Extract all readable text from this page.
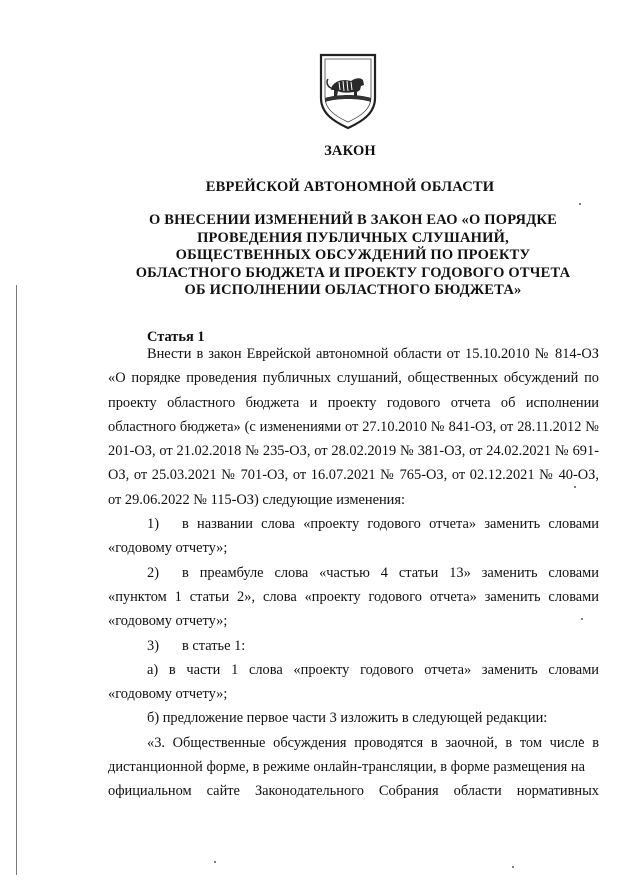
ЗАКОН
ЕВРЕЙСКОЙ АВТОНОМНОЙ ОБЛАСТИ
О ВНЕСЕНИИ ИЗМЕНЕНИЙ В ЗАКОН ЕАО «О ПОРЯДКЕ ПРОВЕДЕНИЯ ПУБЛИЧНЫХ СЛУШАНИЙ, ОБЩЕСТВЕННЫХ ОБСУЖДЕНИЙ ПО ПРОЕКТУ ОБЛАСТНОГО БЮДЖЕТА И ПРОЕКТУ ГОДОВОГО ОТЧЕТА ОБ ИСПОЛНЕНИИ ОБЛАСТНОГО БЮДЖЕТА»
Статья 1

Внести в закон Еврейской автономной области от 15.10.2010 № 814-ОЗ «О порядке проведения публичных слушаний, общественных обсуждений по проекту областного бюджета и проекту годового отчета об исполнении областного бюджета» (с изменениями от 27.10.2010 № 841-ОЗ, от 28.11.2012 № 201-ОЗ, от 21.02.2018 № 235-ОЗ, от 28.02.2019 № 381-ОЗ, от 24.02.2021 № 691-ОЗ, от 25.03.2021 № 701-ОЗ, от 16.07.2021 № 765-ОЗ, от 02.12.2021 № 40-ОЗ, от 29.06.2022 № 115-ОЗ) следующие изменения:

1)	в названии слова «проекту годового отчета» заменить словами

«годовому отчету»;

2)	в преамбуле слова «частью 4 статьи 13» заменить словами

«пунктом 1 статьи 2», слова «проекту годового отчета» заменить словами «годовому отчету»;

3)	в статье 1:

а) в части 1 слова «проекту годового отчета» заменить словами «годовому отчету»;

б) предложение первое части 3 изложить в следующей редакции:

«3. Общественные обсуждения проводятся в заочной, в том числе в дистанционной форме, в режиме онлайн-трансляции, в форме размещения на

официальном сайте Законодательного Собрания области нормативных
